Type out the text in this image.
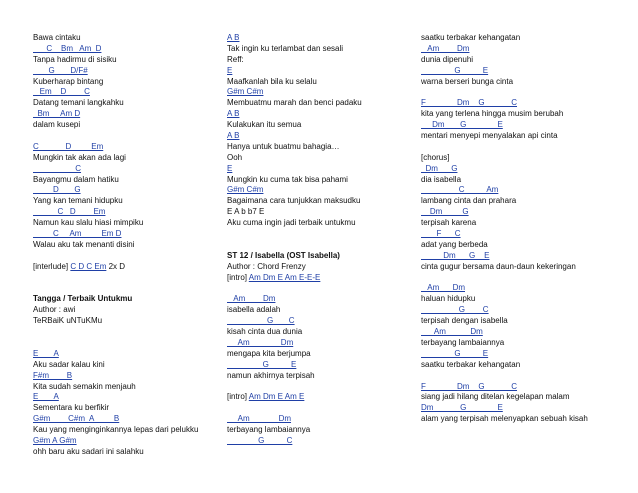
Bawa cintaku
C    Bm   Am  D
Tanpa hadirmu di sisiku
G       D/F#
Kuberharap bintang
Em    D        C
Datang temani langkahku
Bm     Am D
dalam kusepi
C            D         Em
Mungkin tak akan ada lagi
C
Bayangmu dalam hatiku
D       G
Yang kan temani hidupku
C   D        Em
Namun kau slalu hiasi mimpiku
C     Am         Em D
Walau aku tak menanti disini
[interlude] C D C Em 2x D
Tangga / Terbaik Untukmu
Author : awi
TeRBaiK uNTuKMu
E       A
Aku sadar kalau kini
F#m        B
Kita sudah semakin menjauh
E       A
Sementara ku berfikir
G#m        C#m  A         B
Kau yang menginginkannya lepas dari pelukku
G#m A G#m
ohh baru aku sadari ini salahku
A B
Tak ingin ku terlambat dan sesali
Reff:
E
Maafkanlah bila ku selalu
G#m C#m
Membuatmu marah dan benci padaku
A B
Kulakukan itu semua
A B
Hanya untuk buatmu bahagia…
Ooh
E
Mungkin ku cuma tak bisa pahami
G#m C#m
Bagaimana cara tunjukkan maksudku
E A b b7 E
Aku cuma ingin jadi terbaik untukmu
ST 12 / Isabella (OST Isabella)
Author : Chord Frenzy
[intro] Am Dm E Am E-E-E
Am        Dm
isabella adalah
G       C
kisah cinta dua dunia
Am              Dm
mengapa kita berjumpa
G          E
namun akhirnya terpisah
[intro] Am Dm E Am E
Am             Dm
terbayang lambaiannya
G          C
saatku terbakar kehangatan
Am        Dm
dunia dipenuhi
G          E
warna berseri bunga cinta
F              Dm    G            C
kita yang terlena hingga musim berubah
Dm       G              E
mentari menyepi menyalakan api cinta
[chorus]
Dm      G
dia isabella
C          Am
lambang cinta dan prahara
Dm         G
terpisah karena
F      C
adat yang berbeda
Dm      G    E
cinta gugur bersama daun-daun kekeringan
Am      Dm
haluan hidupku
G        C
terpisah dengan isabella
Am           Dm
terbayang lambaiannya
G          E
saatku terbakar kehangatan
F              Dm    G            C
siang jadi hilang ditelan kegelapan malam
Dm            G              E
alam yang terpisah melenyapkan sebuah kisah
